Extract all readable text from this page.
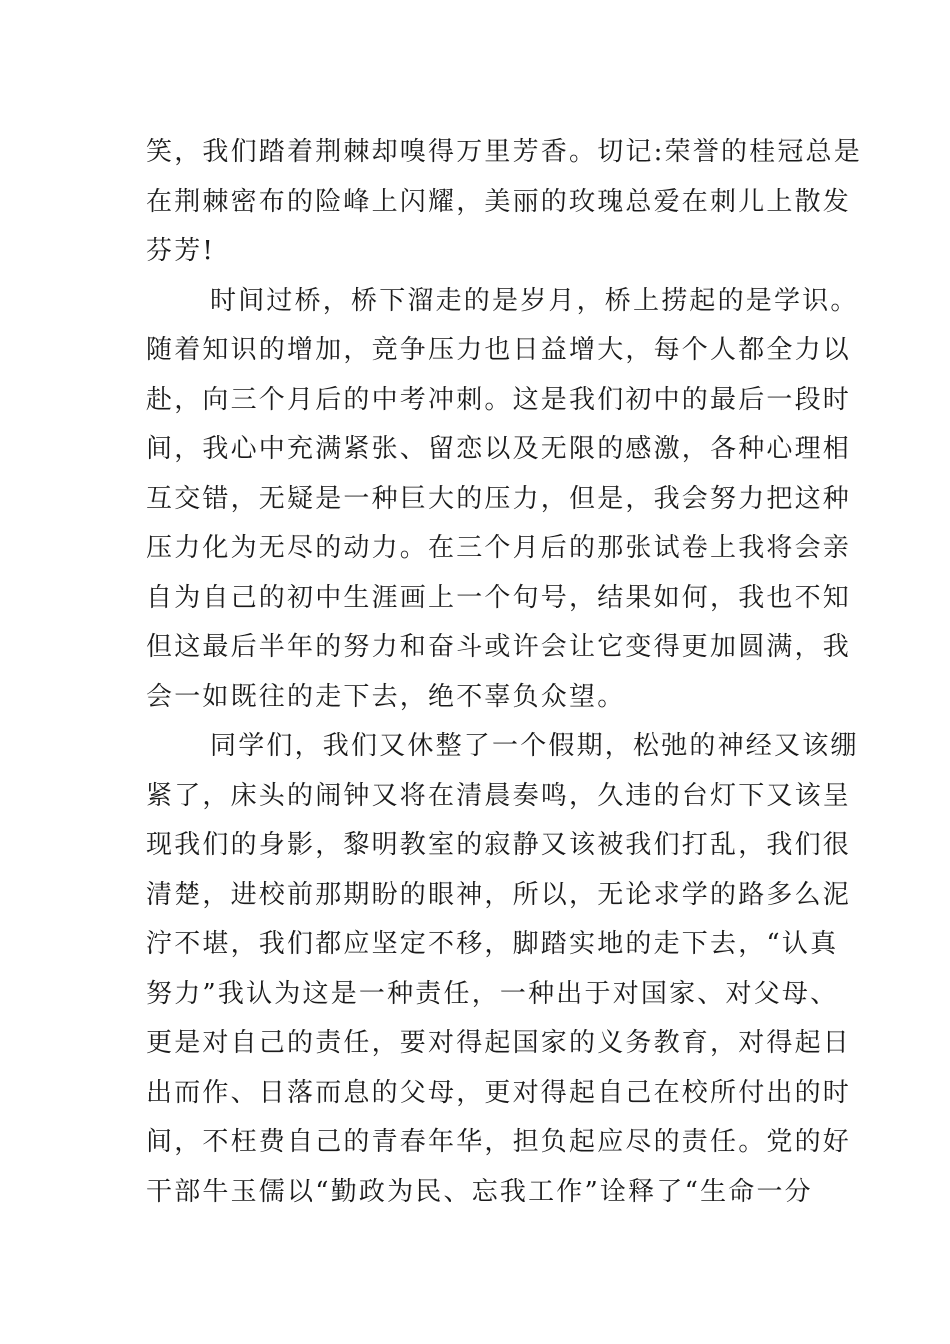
笑，我们踏着荆棘却嗅得万里芳香。切记:荣誉的桂冠总是
在荆棘密布的险峰上闪耀，美丽的玫瑰总爱在刺儿上散发
芬芳!
时间过桥，桥下溜走的是岁月，桥上捞起的是学识。
随着知识的增加，竞争压力也日益增大，每个人都全力以
赴，向三个月后的中考冲刺。这是我们初中的最后一段时
间，我心中充满紧张、留恋以及无限的感激，各种心理相
互交错，无疑是一种巨大的压力，但是，我会努力把这种
压力化为无尽的动力。在三个月后的那张试卷上我将会亲
自为自己的初中生涯画上一个句号，结果如何，我也不知
但这最后半年的努力和奋斗或许会让它变得更加圆满，我
会一如既往的走下去，绝不辜负众望。
同学们，我们又休整了一个假期，松弛的神经又该绷
紧了，床头的闹钟又将在清晨奏鸣，久违的台灯下又该呈
现我们的身影，黎明教室的寂静又该被我们打乱，我们很
清楚，进校前那期盼的眼神，所以，无论求学的路多么泥
泞不堪，我们都应坚定不移，脚踏实地的走下去，“认真
努力”我认为这是一种责任，一种出于对国家、对父母、
更是对自己的责任，要对得起国家的义务教育，对得起日
出而作、日落而息的父母，更对得起自己在校所付出的时
间，不枉费自己的青春年华，担负起应尽的责任。党的好
干部牛玉儒以“勤政为民、忘我工作”诠释了“生命一分
